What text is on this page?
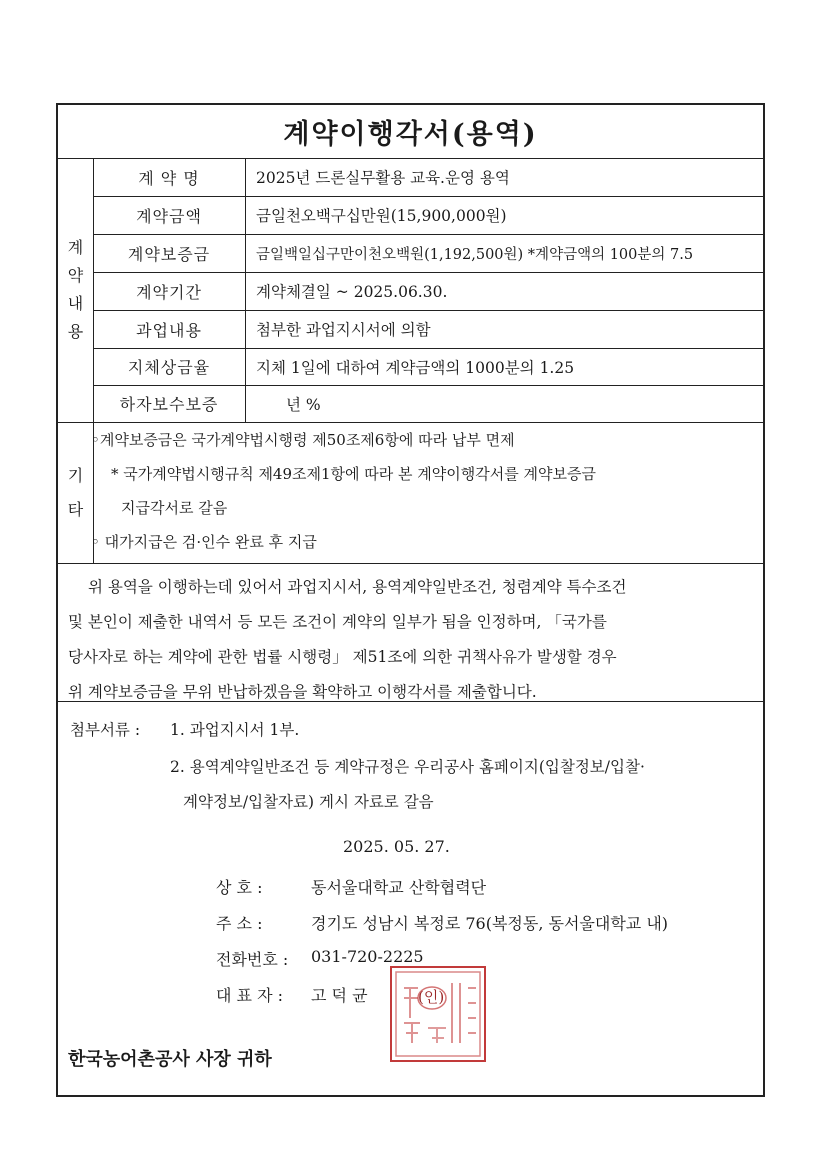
계약이행각서(용역)
계약내용
계 약 명	2025년 드론실무활용 교육.운영 용역
계약금액	금일천오백구십만원(15,900,000원)
계약보증금	금일백일십구만이천오백원(1,192,500원) *계약금액의 100분의 7.5
계약기간	계약체결일 ~ 2025.06.30.
과업내용	첨부한 과업지시서에 의함
지체상금율	지체 1일에 대하여 계약금액의 1000분의 1.25
하자보수보증	년 %
기타
◦계약보증금은 국가계약법시행령 제50조제6항에 따라 납부 면제
* 국가계약법시행규칙 제49조제1항에 따라 본 계약이행각서를 계약보증금
지급각서로 갈음
◦ 대가지급은 검·인수 완료 후 지급
위 용역을 이행하는데 있어서 과업지시서, 용역계약일반조건, 청렴계약 특수조건
및 본인이 제출한 내역서 등 모든 조건이 계약의 일부가 됨을 인정하며, 「국가를
당사자로 하는 계약에 관한 법률 시행령」 제51조에 의한 귀책사유가 발생할 경우
위 계약보증금을 무위 반납하겠음을 확약하고 이행각서를 제출합니다.
첨부서류 : 1. 과업지시서 1부.
2. 용역계약일반조건 등 계약규정은 우리공사 홈페이지(입찰정보/입찰·
계약정보/입찰자료) 게시 자료로 갈음
2025. 05. 27.
상 호 :	동서울대학교 산학협력단
주 소 :	경기도 성남시 복정로 76(복정동, 동서울대학교 내)
전화번호 : 031-720-2225
대 표 자 : 고 덕 균	(인)
한국농어촌공사 사장 귀하
